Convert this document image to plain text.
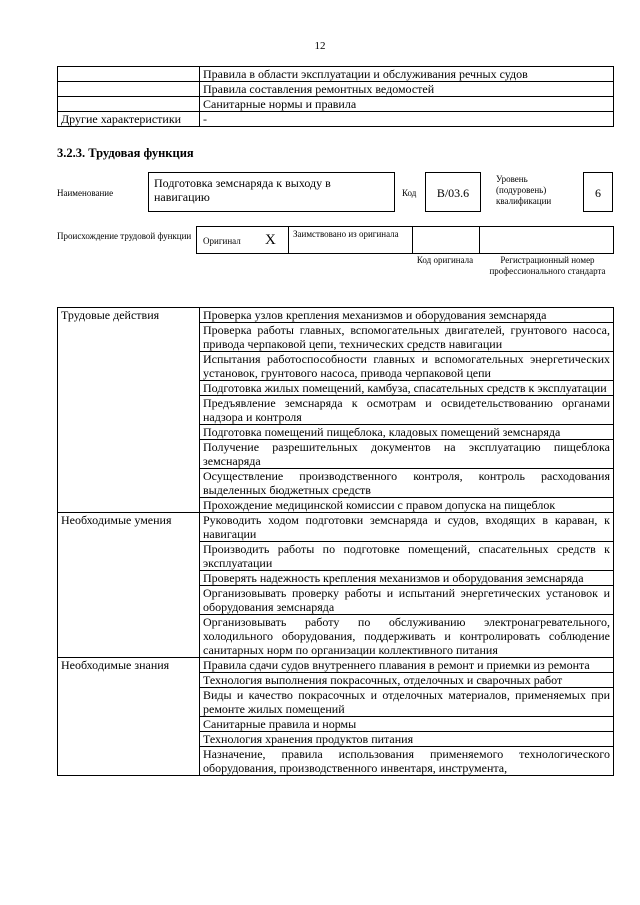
12
	Правила в области эксплуатации и обслуживания речных судов
	Правила составления ремонтных ведомостей
	Санитарные нормы и правила
Другие характеристики	-
3.2.3. Трудовая функция
Наименование
Подготовка земснаряда к выходу в навигацию	Код	B/03.6
Уровень (подуровень) квалификации
6
Происхождение трудовой функции	Оригинал X Заимствовано из оригинала
Код оригинала	Регистрационный номер профессионального стандарта
Трудовые действия	Проверка узлов крепления механизмов и оборудования земснаряда
	Проверка работы главных, вспомогательных двигателей, грунтового насоса, привода черпаковой цепи, технических средств навигации
	Испытания работоспособности главных и вспомогательных энергетических установок, грунтового насоса, привода черпаковой цепи
	Подготовка жилых помещений, камбуза, спасательных средств к эксплуатации
	Предъявление земснаряда к осмотрам и освидетельствованию органами надзора и контроля
	Подготовка помещений пищеблока, кладовых помещений земснаряда
	Получение разрешительных документов на эксплуатацию пищеблока земснаряда
	Осуществление производственного контроля, контроль расходования выделенных бюджетных средств
	Прохождение медицинской комиссии с правом допуска на пищеблок
Необходимые умения	Руководить ходом подготовки земснаряда и судов, входящих в караван, к навигации
	Производить работы по подготовке помещений, спасательных средств к эксплуатации
	Проверять надежность крепления механизмов и оборудования земснаряда
	Организовывать проверку работы и испытаний энергетических установок и оборудования земснаряда
	Организовывать работу по обслуживанию электронагревательного, холодильного оборудования, поддерживать и контролировать соблюдение санитарных норм по организации коллективного питания
Необходимые знания	Правила сдачи судов внутреннего плавания в ремонт и приемки из ремонта
	Технология выполнения покрасочных, отделочных и сварочных работ
	Виды и качество покрасочных и отделочных материалов, применяемых при ремонте жилых помещений
	Санитарные правила и нормы
	Технология хранения продуктов питания
	Назначение, правила использования применяемого технологического оборудования, производственного инвентаря, инструмента,
